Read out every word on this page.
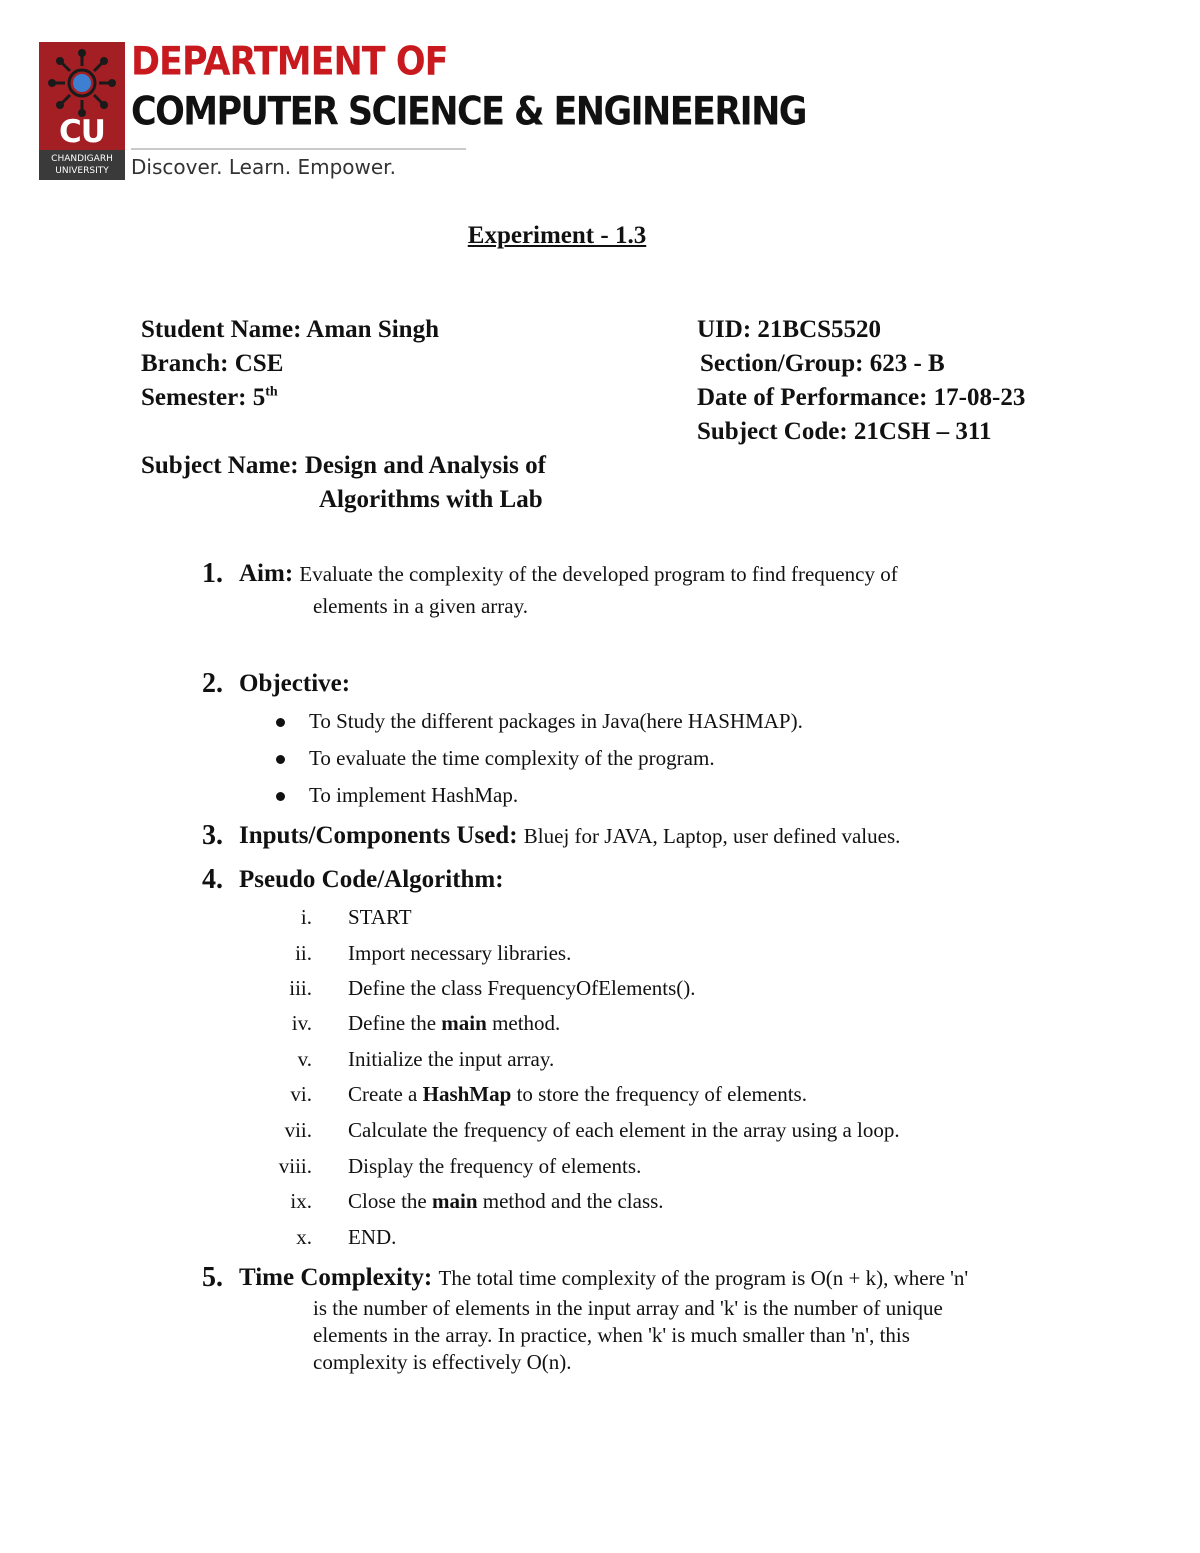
CU
CHANDIGARH
UNIVERSITY
DEPARTMENT OF
COMPUTER SCIENCE & ENGINEERING
Discover. Learn. Empower.
Experiment - 1.3
Student Name: Aman Singh	UID: 21BCS5520
Branch: CSE	Section/Group: 623 - B
Semester: 5th	Date of Performance: 17-08-23
Subject Code: 21CSH – 311
Subject Name: Design and Analysis of
Algorithms with Lab
1. Aim: Evaluate the complexity of the developed program to find frequency of
elements in a given array.
2. Objective:
To Study the different packages in Java(here HASHMAP).
To evaluate the time complexity of the program.
To implement HashMap.
3. Inputs/Components Used: Bluej for JAVA, Laptop, user defined values.
4. Pseudo Code/Algorithm:
i. START
ii. Import necessary libraries.
iii. Define the class FrequencyOfElements().
iv. Define the main method.
v. Initialize the input array.
vi. Create a HashMap to store the frequency of elements.
vii. Calculate the frequency of each element in the array using a loop.
viii. Display the frequency of elements.
ix. Close the main method and the class.
x. END.
5. Time Complexity: The total time complexity of the program is O(n + k), where 'n'
is the number of elements in the input array and 'k' is the number of unique
elements in the array. In practice, when 'k' is much smaller than 'n', this
complexity is effectively O(n).
